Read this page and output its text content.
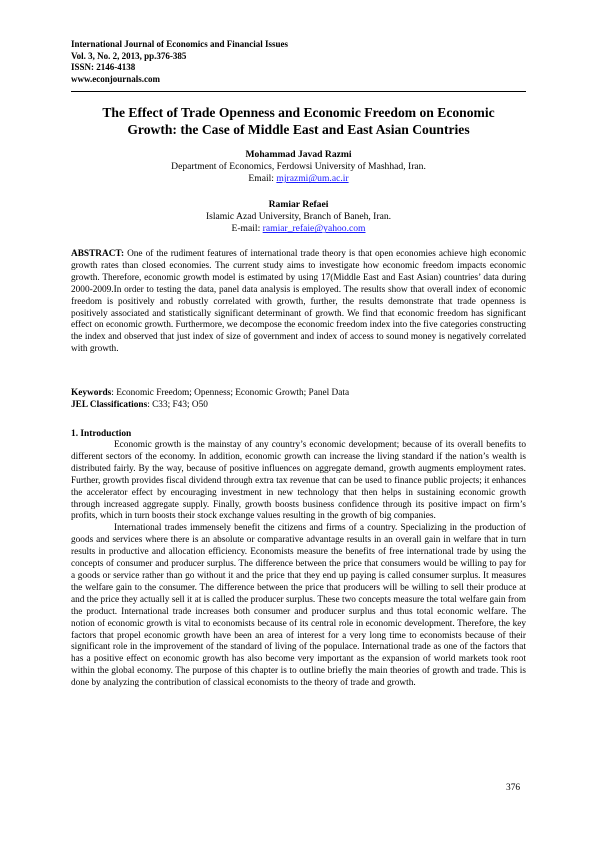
International Journal of Economics and Financial Issues
Vol. 3, No. 2, 2013, pp.376-385
ISSN: 2146-4138
www.econjournals.com
The Effect of Trade Openness and Economic Freedom on Economic
Growth: the Case of Middle East and East Asian Countries
Mohammad Javad Razmi
Department of Economics, Ferdowsi University of Mashhad, Iran.
Email: mjrazmi@um.ac.ir
Ramiar Refaei
Islamic Azad University, Branch of Baneh, Iran.
E-mail: ramiar_refaie@yahoo.com
ABSTRACT: One of the rudiment features of international trade theory is that open economies achieve high economic growth rates than closed economies. The current study aims to investigate how economic freedom impacts economic growth. Therefore, economic growth model is estimated by using 17(Middle East and East Asian) countries’ data during 2000-2009.In order to testing the data, panel data analysis is employed. The results show that overall index of economic freedom is positively and robustly correlated with growth, further, the results demonstrate that trade openness is positively associated and statistically significant determinant of growth. We find that economic freedom has significant effect on economic growth. Furthermore, we decompose the economic freedom index into the five categories constructing the index and observed that just index of size of government and index of access to sound money is negatively correlated with growth.
Keywords: Economic Freedom; Openness; Economic Growth; Panel Data
JEL Classifications: C33; F43; O50
1. Introduction

Economic growth is the mainstay of any country’s economic development; because of its overall benefits to different sectors of the economy. In addition, economic growth can increase the living standard if the nation’s wealth is distributed fairly. By the way, because of positive influences on aggregate demand, growth augments employment rates. Further, growth provides fiscal dividend through extra tax revenue that can be used to finance public projects; it enhances the accelerator effect by encouraging investment in new technology that then helps in sustaining economic growth through increased aggregate supply. Finally, growth boosts business confidence through its positive impact on firm’s profits, which in turn boosts their stock exchange values resulting in the growth of big companies.

International trades immensely benefit the citizens and firms of a country. Specializing in the production of goods and services where there is an absolute or comparative advantage results in an overall gain in welfare that in turn results in productive and allocation efficiency. Economists measure the benefits of free international trade by using the concepts of consumer and producer surplus. The difference between the price that consumers would be willing to pay for a goods or service rather than go without it and the price that they end up paying is called consumer surplus. It measures the welfare gain to the consumer. The difference between the price that producers will be willing to sell their produce at and the price they actually sell it at is called the producer surplus. These two concepts measure the total welfare gain from the product. International trade increases both consumer and producer surplus and thus total economic welfare. The notion of economic growth is vital to economists because of its central role in economic development. Therefore, the key factors that propel economic growth have been an area of interest for a very long time to economists because of their significant role in the improvement of the standard of living of the populace. International trade as one of the factors that has a positive effect on economic growth has also become very important as the expansion of world markets took root within the global economy. The purpose of this chapter is to outline briefly the main theories of growth and trade. This is done by analyzing the contribution of classical economists to the theory of trade and growth.

376
